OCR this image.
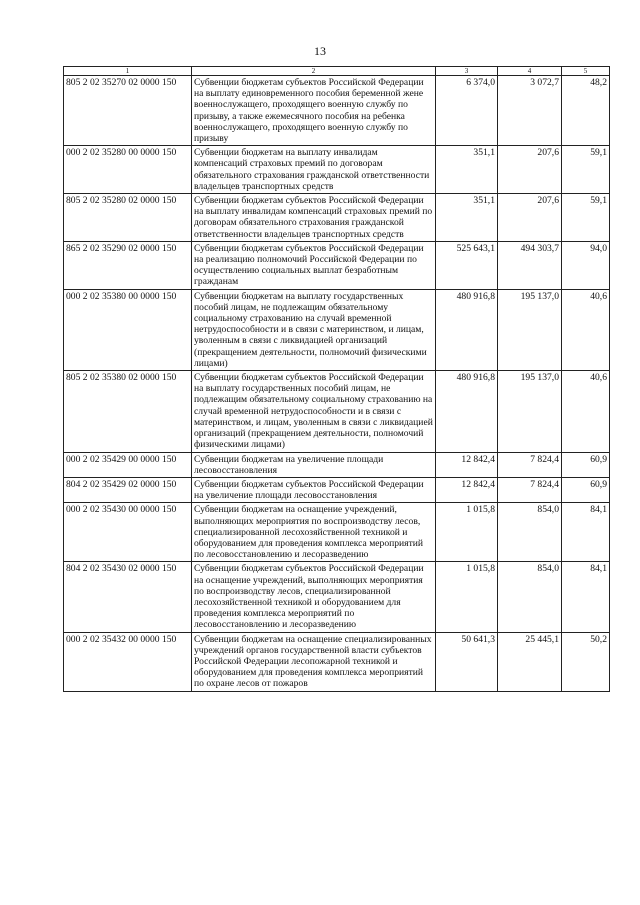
13
1	2	3	4	5
805 2 02 35270 02 0000 150	Субвенции бюджетам субъектов Российской Федерации на выплату единовременного пособия беременной жене военнослужащего, проходящего военную службу по призыву, а также ежемесячного пособия на ребенка военнослужащего, проходящего военную службу по призыву	6 374,0	3 072,7	48,2
000 2 02 35280 00 0000 150	Субвенции бюджетам на выплату инвалидам компенсаций страховых премий по договорам обязательного страхования гражданской ответственности владельцев транспортных средств	351,1	207,6	59,1
805 2 02 35280 02 0000 150	Субвенции бюджетам субъектов Российской Федерации на выплату инвалидам компенсаций страховых премий по договорам обязательного страхования гражданской ответственности владельцев транспортных средств	351,1	207,6	59,1
865 2 02 35290 02 0000 150	Субвенции бюджетам субъектов Российской Федерации на реализацию полномочий Российской Федерации по осуществлению социальных выплат безработным гражданам	525 643,1	494 303,7	94,0
000 2 02 35380 00 0000 150	Субвенции бюджетам на выплату государственных пособий лицам, не подлежащим обязательному социальному страхованию на случай временной нетрудоспособности и в связи с материнством, и лицам, уволенным в связи с ликвидацией организаций (прекращением деятельности, полномочий физическими лицами)	480 916,8	195 137,0	40,6
805 2 02 35380 02 0000 150	Субвенции бюджетам субъектов Российской Федерации на выплату государственных пособий лицам, не подлежащим обязательному социальному страхованию на случай временной нетрудоспособности и в связи с материнством, и лицам, уволенным в связи с ликвидацией организаций (прекращением деятельности, полномочий физическими лицами)	480 916,8	195 137,0	40,6
000 2 02 35429 00 0000 150	Субвенции бюджетам на увеличение площади лесовосстановления	12 842,4	7 824,4	60,9
804 2 02 35429 02 0000 150	Субвенции бюджетам субъектов Российской Федерации на увеличение площади лесовосстановления	12 842,4	7 824,4	60,9
000 2 02 35430 00 0000 150	Субвенции бюджетам на оснащение учреждений, выполняющих мероприятия по воспроизводству лесов, специализированной лесохозяйственной техникой и оборудованием для проведения комплекса мероприятий по лесовосстановлению и лесоразведению	1 015,8	854,0	84,1
804 2 02 35430 02 0000 150	Субвенции бюджетам субъектов Российской Федерации на оснащение учреждений, выполняющих мероприятия по воспроизводству лесов, специализированной лесохозяйственной техникой и оборудованием для проведения комплекса мероприятий по лесовосстановлению и лесоразведению	1 015,8	854,0	84,1
000 2 02 35432 00 0000 150	Субвенции бюджетам на оснащение специализированных учреждений органов государственной власти субъектов Российской Федерации лесопожарной техникой и оборудованием для проведения комплекса мероприятий по охране лесов от пожаров	50 641,3	25 445,1	50,2
